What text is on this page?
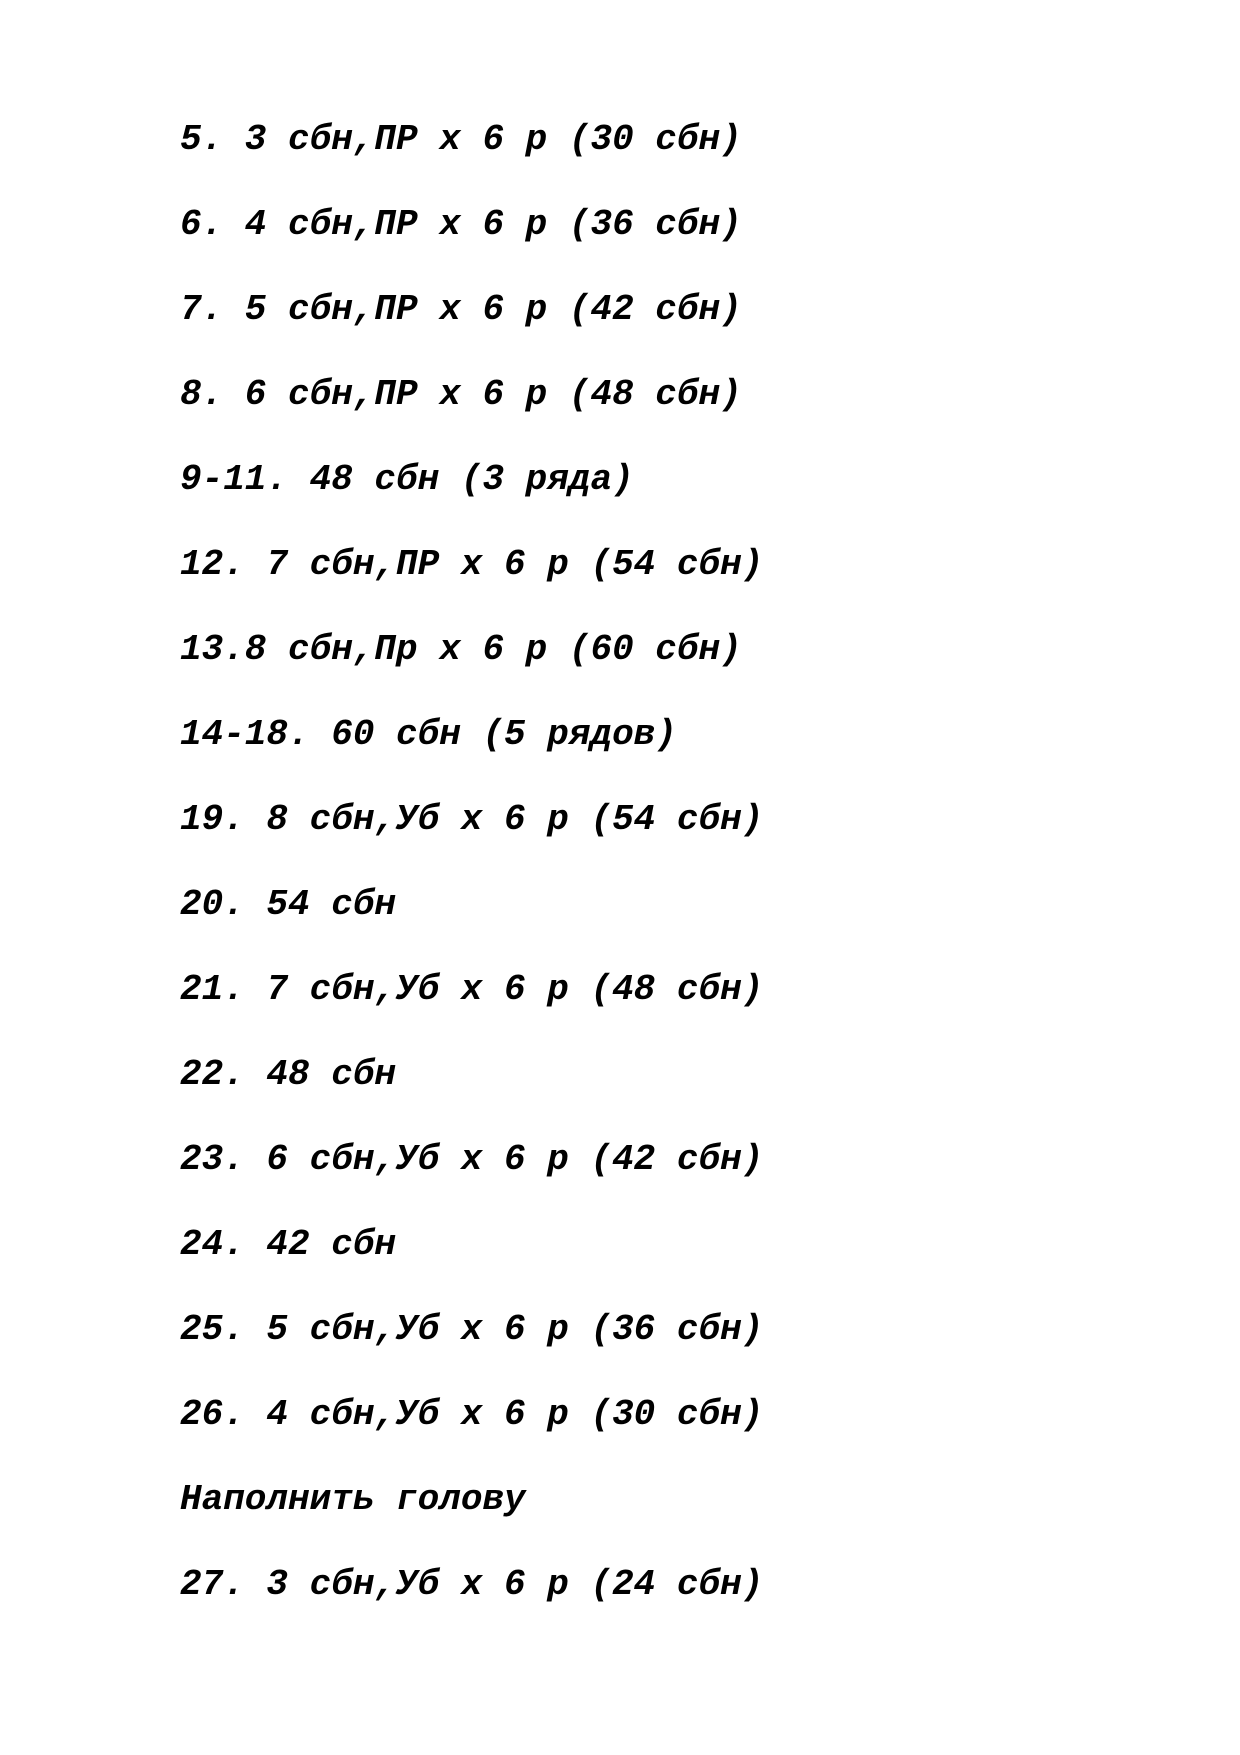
5. 3 сбн,ПР х 6 р (30 сбн)
6. 4 сбн,ПР х 6 р (36 сбн)
7. 5 сбн,ПР х 6 р (42 сбн)
8. 6 сбн,ПР х 6 р (48 сбн)
9-11. 48 сбн (3 ряда)
12. 7 сбн,ПР х 6 р (54 сбн)
13.8 сбн,Пр х 6 р (60 сбн)
14-18. 60 сбн (5 рядов)
19. 8 сбн,Уб х 6 р (54 сбн)
20. 54 сбн
21. 7 сбн,Уб х 6 р (48 сбн)
22. 48 сбн
23. 6 сбн,Уб х 6 р (42 сбн)
24. 42 сбн
25. 5 сбн,Уб х 6 р (36 сбн)
26. 4 сбн,Уб х 6 р (30 сбн)
Наполнить голову
27. 3 сбн,Уб х 6 р (24 сбн)
